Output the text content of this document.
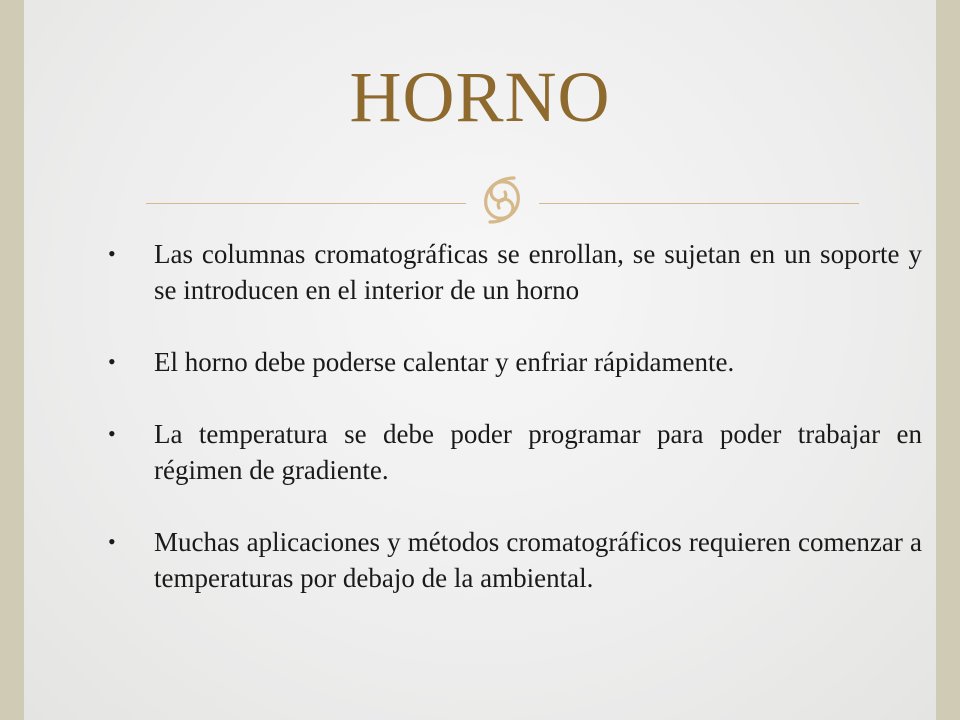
HORNO
•	Las columnas cromatográficas se enrollan, se sujetan en un soporte y se introducen en el interior de un horno
•	El horno debe poderse calentar y enfriar rápidamente.
•	La temperatura se debe poder programar para poder trabajar en régimen de gradiente.
•	Muchas aplicaciones y métodos cromatográficos requieren comenzar a temperaturas por debajo de la ambiental.
